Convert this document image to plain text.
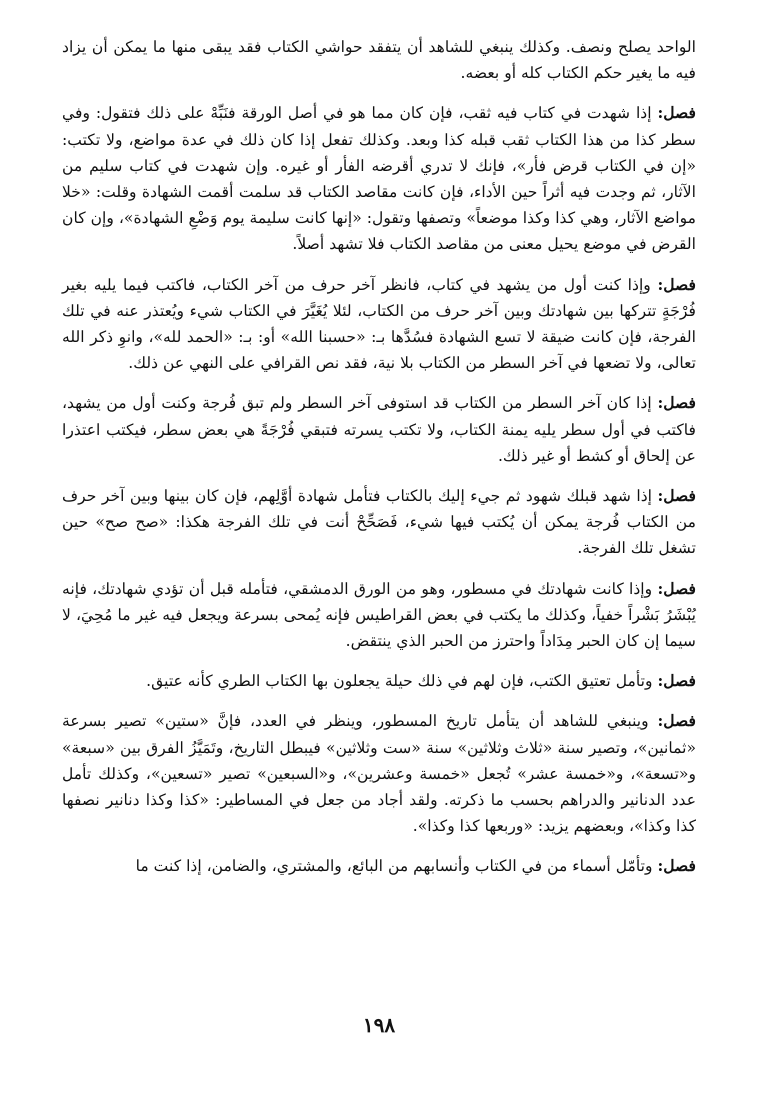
الواحد يصلح ونصف. وكذلك ينبغي للشاهد أن يتفقد حواشي الكتاب فقد يبقى منها ما يمكن أن يزاد فيه ما يغير حكم الكتاب كله أو بعضه.

فصل: إذا شهدت في كتاب فيه ثقب، فإن كان مما هو في أصل الورقة فنَبِّهْ على ذلك فتقول: وفي سطر كذا من هذا الكتاب ثقب قبله كذا وبعد. وكذلك تفعل إذا كان ذلك في عدة مواضع، ولا تكتب: «إن في الكتاب قرض فأر»، فإنك لا تدري أقرضه الفأر أو غيره. وإن شهدت في كتاب سليم من الآثار، ثم وجدت فيه أثراً حين الأداء، فإن كانت مقاصد الكتاب قد سلمت أقمت الشهادة وقلت: «خلا مواضع الآثار، وهي كذا وكذا موضعاً» وتصفها وتقول: «إنها كانت سليمة يوم وَضْعِ الشهادة»، وإن كان القرض في موضع يحيل معنى من مقاصد الكتاب فلا تشهد أصلاً.

فصل: وإذا كنت أول من يشهد في كتاب، فانظر آخر حرف من آخر الكتاب، فاكتب فيما يليه بغير فُرْجَةٍ تتركها بين شهادتك وبين آخر حرف من الكتاب، لئلا يُغَيَّرَ في الكتاب شيء ويُعتذر عنه في تلك الفرجة، فإن كانت ضيقة لا تسع الشهادة فسُدَّها بـ: «حسبنا الله» أو: بـ: «الحمد لله»، وانوِ ذكر الله تعالى، ولا تضعها في آخر السطر من الكتاب بلا نية، فقد نص القرافي على النهي عن ذلك.

فصل: إذا كان آخر السطر من الكتاب قد استوفى آخر السطر ولم تبق فُرجة وكنت أول من يشهد، فاكتب في أول سطر يليه يمنة الكتاب، ولا تكتب يسرته فتبقي فُرْجَةً هي بعض سطر، فيكتب اعتذرا عن إلحاق أو كشط أو غير ذلك.

فصل: إذا شهد قبلك شهود ثم جيء إليك بالكتاب فتأمل شهادة أوَّلِهم، فإن كان بينها وبين آخر حرف من الكتاب فُرجة يمكن أن يُكتب فيها شيء، فَصَحِّحْ أنت في تلك الفرجة هكذا: «صح صح» حين تشغل تلك الفرجة.

فصل: وإذا كانت شهادتك في مسطور، وهو من الورق الدمشقي، فتأمله قبل أن تؤدي شهادتك، فإنه يُبْشَرُ بَشْراً خفياً، وكذلك ما يكتب في بعض القراطيس فإنه يُمحى بسرعة ويجعل فيه غير ما مُحِيَ، لا سيما إن كان الحبر مِدَاداً واحترز من الحبر الذي ينتقض.

فصل: وتأمل تعتيق الكتب، فإن لهم في ذلك حيلة يجعلون بها الكتاب الطري كأنه عتيق.

فصل: وينبغي للشاهد أن يتأمل تاريخ المسطور، وينظر في العدد، فإنَّ «ستين» تصير بسرعة «ثمانين»، وتصير سنة «ثلاث وثلاثين» سنة «ست وثلاثين» فيبطل التاريخ، وتَمَيَّزُ الفرق بين «سبعة» و«تسعة»، و«خمسة عشر» تُجعل «خمسة وعشرين»، و«السبعين» تصير «تسعين»، وكذلك تأمل عدد الدنانير والدراهم بحسب ما ذكرته. ولقد أجاد من جعل في المساطير: «كذا وكذا دنانير نصفها كذا وكذا»، وبعضهم يزيد: «وربعها كذا وكذا».

فصل: وتأمّل أسماء من في الكتاب وأنسابهم من البائع، والمشتري، والضامن، إذا كنت ما

١٩٨
